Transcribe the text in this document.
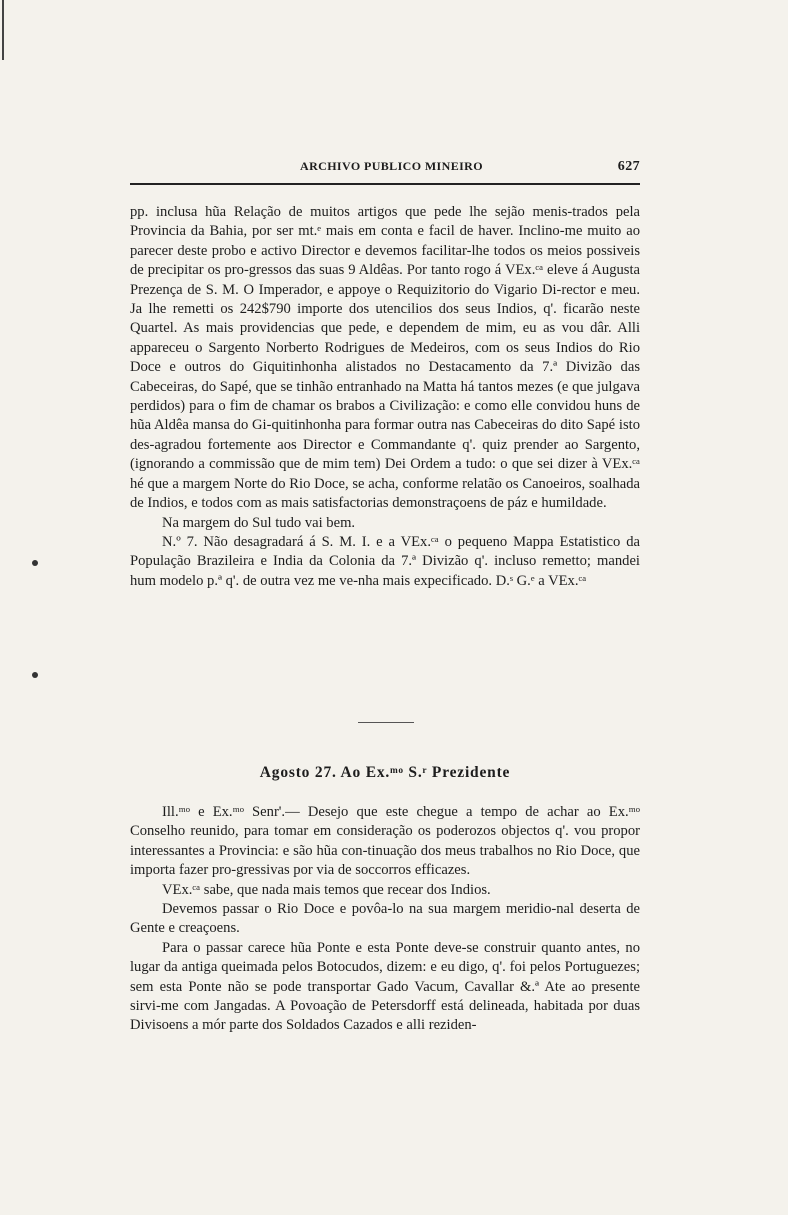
ARCHIVO PUBLICO MINEIRO	627

pp. inclusa hũa Relação de muitos artigos que pede lhe sejão menis-trados pela Provincia da Bahia, por ser mt.ᵉ mais em conta e facil de haver. Inclino-me muito ao parecer deste probo e activo Director e devemos facilitar-lhe todos os meios possiveis de precipitar os pro-gressos das suas 9 Aldêas. Por tanto rogo á VEx.ᶜᵃ eleve á Augusta Prezença de S. M. O Imperador, e appoye o Requizitorio do Vigario Di-rector e meu. Ja lhe remetti os 242$790 importe dos utencilios dos seus Indios, q'. ficarão neste Quartel. As mais providencias que pede, e dependem de mim, eu as vou dâr. Alli appareceu o Sargento Norberto Rodrigues de Medeiros, com os seus Indios do Rio Doce e outros do Giquitinhonha alistados no Destacamento da 7.ª Divizão das Cabeceiras, do Sapé, que se tinhão entranhado na Matta há tantos mezes (e que julgava perdidos) para o fim de chamar os brabos a Civilização: e como elle convidou huns de hũa Aldêa mansa do Gi-quitinhonha para formar outra nas Cabeceiras do dito Sapé isto des-agradou fortemente aos Director e Commandante q'. quiz prender ao Sargento, (ignorando a commissão que de mim tem) Dei Ordem a tudo: o que sei dizer à VEx.ᶜᵃ hé que a margem Norte do Rio Doce, se acha, conforme relatão os Canoeiros, soalhada de Indios, e todos com as mais satisfactorias demonstraçoens de páz e humildade.

Na margem do Sul tudo vai bem.

N.º 7. Não desagradará á S. M. I. e a VEx.ᶜᵃ o pequeno Mappa Estatistico da População Brazileira e India da Colonia da 7.ª Divizão q'. incluso remetto; mandei hum modelo p.ª q'. de outra vez me ve-nha mais expecificado. D.ˢ G.ᵉ a VEx.ᶜᵃ

Agosto 27. Ao Ex.ᵐᵒ S.ʳ Prezidente

Ill.ᵐᵒ e Ex.ᵐᵒ Senr'.— Desejo que este chegue a tempo de achar ao Ex.ᵐᵒ Conselho reunido, para tomar em consideração os poderozos objectos q'. vou propor interessantes a Provincia: e são hũa con-tinuação dos meus trabalhos no Rio Doce, que importa fazer pro-gressivas por via de soccorros efficazes.

VEx.ᶜᵃ sabe, que nada mais temos que recear dos Indios.

Devemos passar o Rio Doce e povôa-lo na sua margem meridio-nal deserta de Gente e creaçoens.

Para o passar carece hũa Ponte e esta Ponte deve-se construir quanto antes, no lugar da antiga queimada pelos Botocudos, dizem: e eu digo, q'. foi pelos Portuguezes; sem esta Ponte não se pode transportar Gado Vacum, Cavallar &.ª Ate ao presente sirvi-me com Jangadas. A Povoação de Petersdorff está delineada, habitada por duas Divisoens a mór parte dos Soldados Cazados e alli reziden-
